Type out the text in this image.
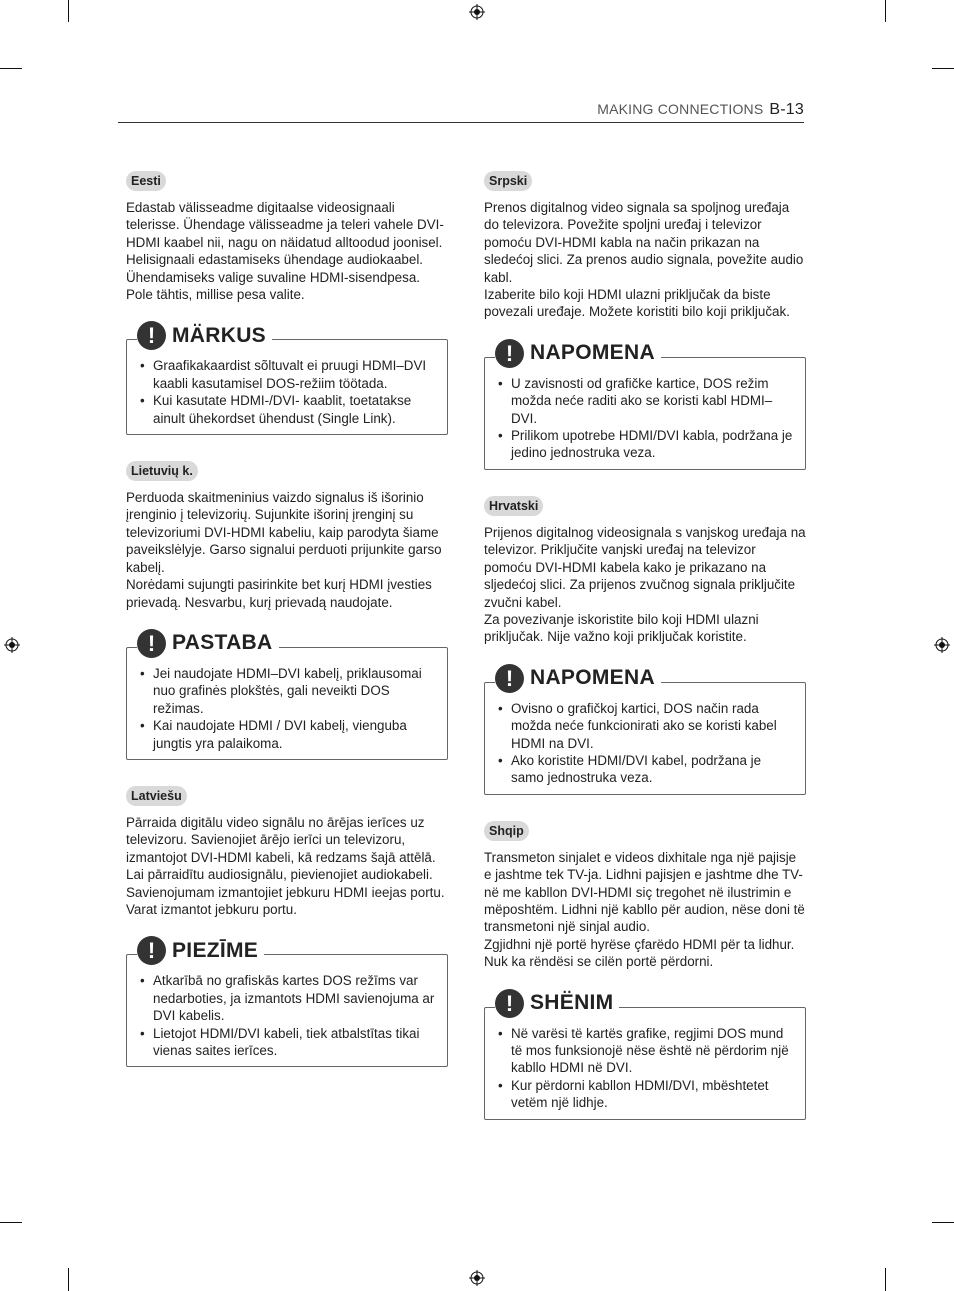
MAKING CONNECTIONS B-13
Eesti

Edastab välisseadme digitaalse videosignaali telerisse. Ühendage välisseadme ja teleri vahele DVI-HDMI kaabel nii, nagu on näidatud alltoodud joonisel. Helisignaali edastamiseks ühendage audiokaabel.

Ühendamiseks valige suvaline HDMI-sisendpesa. Pole tähtis, millise pesa valite.

! MÄRKUS
• Graafikakaardist sõltuvalt ei pruugi HDMI–DVI kaabli kasutamisel DOS-režiim töötada.
• Kui kasutate HDMI-/DVI- kaablit, toetatakse ainult ühekordset ühendust (Single Link).
Lietuvių k.

Perduoda skaitmeninius vaizdo signalus iš išorinio įrenginio į televizorių. Sujunkite išorinį įrenginį su televizoriumi DVI-HDMI kabeliu, kaip parodyta šiame paveikslėlyje. Garso signalui perduoti prijunkite garso kabelį.

Norėdami sujungti pasirinkite bet kurį HDMI įvesties prievadą. Nesvarbu, kurį prievadą naudojate.

! PASTABA
• Jei naudojate HDMI–DVI kabelį, priklausomai nuo grafinės plokštės, gali neveikti DOS režimas.
• Kai naudojate HDMI / DVI kabelį, vienguba jungtis yra palaikoma.
Latviešu

Pārraida digitālu video signālu no ārējas ierīces uz televizoru. Savienojiet ārējo ierīci un televizoru, izmantojot DVI-HDMI kabeli, kā redzams šajā attēlā. Lai pārraidītu audiosignālu, pievienojiet audiokabeli.

Savienojumam izmantojiet jebkuru HDMI ieejas portu. Varat izmantot jebkuru portu.

! PIEZĪME
• Atkarībā no grafiskās kartes DOS režīms var nedarboties, ja izmantots HDMI savienojuma ar DVI kabelis.
• Lietojot HDMI/DVI kabeli, tiek atbalstītas tikai vienas saites ierīces.
Srpski

Prenos digitalnog video signala sa spoljnog uređaja do televizora. Povežite spoljni uređaj i televizor pomoću DVI-HDMI kabla na način prikazan na sledećoj slici. Za prenos audio signala, povežite audio kabl.

Izaberite bilo koji HDMI ulazni priključak da biste povezali uređaje. Možete koristiti bilo koji priključak.

! NAPOMENA
• U zavisnosti od grafičke kartice, DOS režim možda neće raditi ako se koristi kabl HDMI–DVI.
• Prilikom upotrebe HDMI/DVI kabla, podržana je jedino jednostruka veza.
Hrvatski

Prijenos digitalnog videosignala s vanjskog uređaja na televizor. Priključite vanjski uređaj na televizor pomoću DVI-HDMI kabela kako je prikazano na sljedećoj slici. Za prijenos zvučnog signala priključite zvučni kabel.

Za povezivanje iskoristite bilo koji HDMI ulazni priključak. Nije važno koji priključak koristite.

! NAPOMENA
• Ovisno o grafičkoj kartici, DOS način rada možda neće funkcionirati ako se koristi kabel HDMI na DVI.
• Ako koristite HDMI/DVI kabel, podržana je samo jednostruka veza.
Shqip

Transmeton sinjalet e videos dixhitale nga një pajisje e jashtme tek TV-ja. Lidhni pajisjen e jashtme dhe TV-në me kabllon DVI-HDMI siç tregohet në ilustrimin e mëposhtëm. Lidhni një kabllo për audion, nëse doni të transmetoni një sinjal audio.

Zgjidhni një portë hyrëse çfarëdo HDMI për ta lidhur. Nuk ka rëndësi se cilën portë përdorni.

! SHËNIM
• Në varësi të kartës grafike, regjimi DOS mund të mos funksionojë nëse është në përdorim një kabllo HDMI në DVI.
• Kur përdorni kabllon HDMI/DVI, mbështetet vetëm një lidhje.
